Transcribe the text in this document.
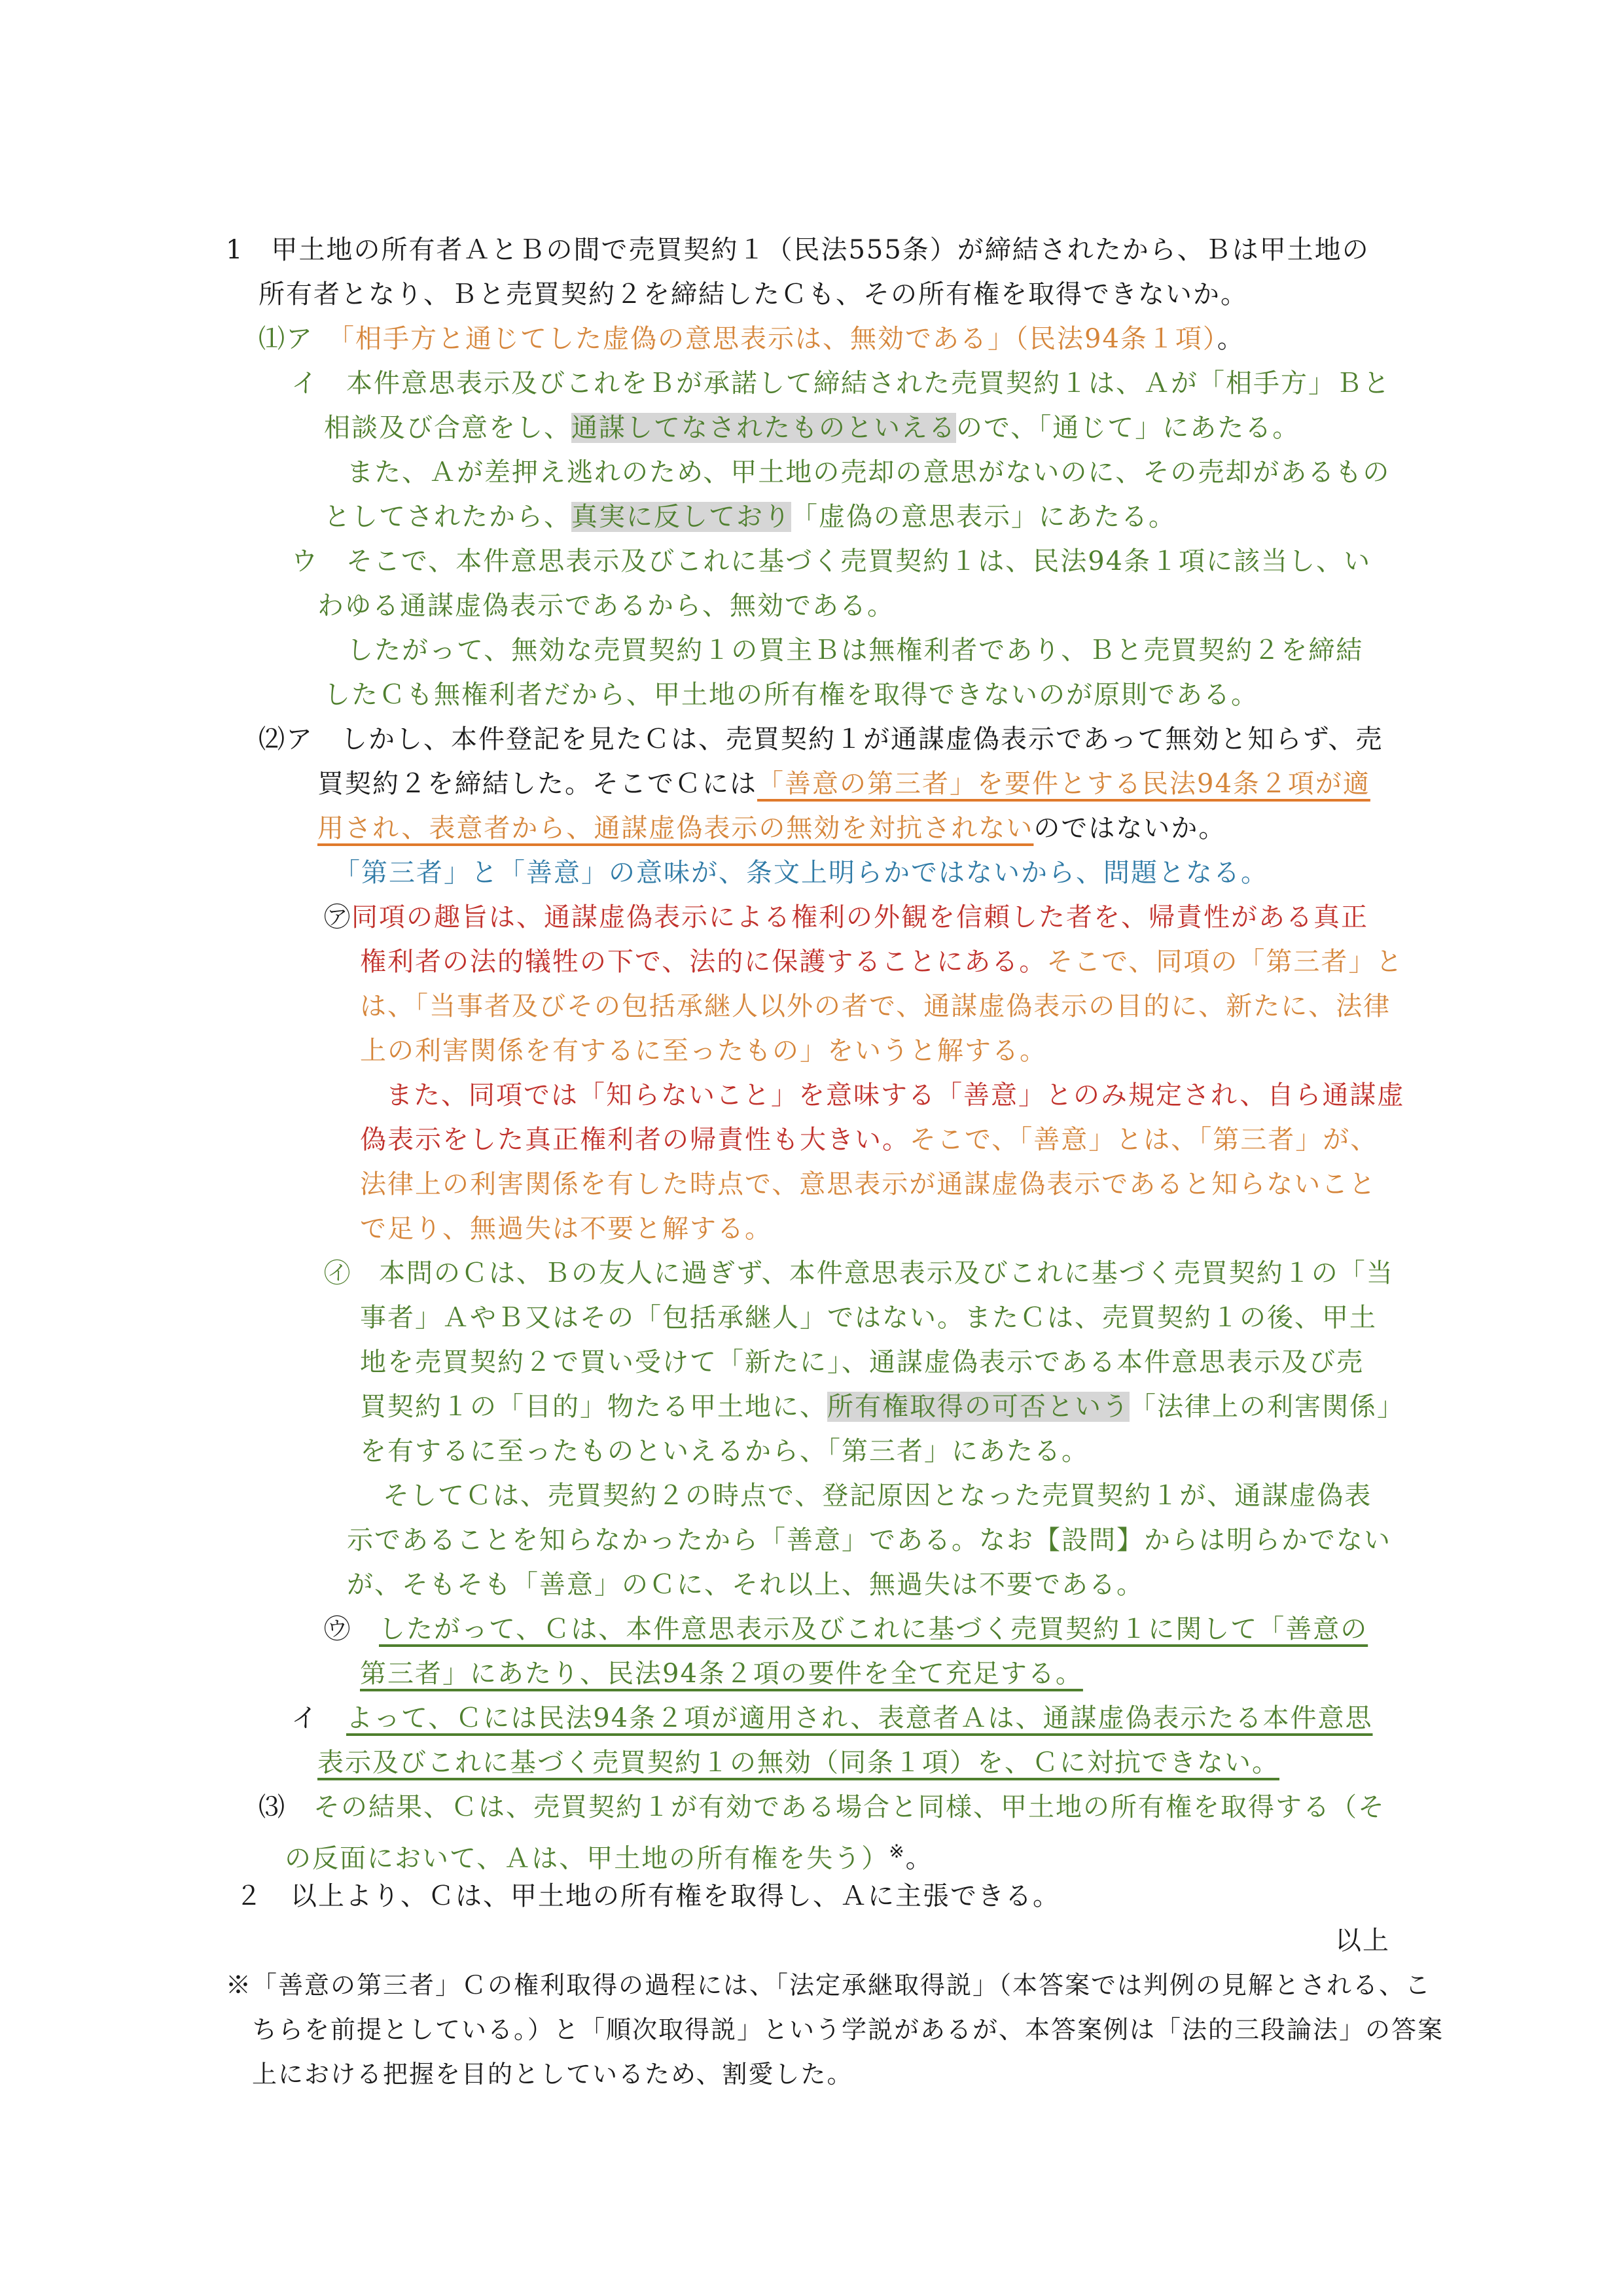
1　甲土地の所有者ＡとＢの間で売買契約１（民法555条）が締結されたから、Ｂは甲土地の
所有者となり、Ｂと売買契約２を締結したＣも、その所有権を取得できないか。
⑴ア　「相手方と通じてした虚偽の意思表示は、無効である」（民法94条１項）。
イ　本件意思表示及びこれをＢが承諾して締結された売買契約１は、Ａが「相手方」Ｂと
相談及び合意をし、通謀してなされたものといえるので、「通じて」にあたる。
また、Ａが差押え逃れのため、甲土地の売却の意思がないのに、その売却があるもの
としてされたから、真実に反しており「虚偽の意思表示」にあたる。
ウ　そこで、本件意思表示及びこれに基づく売買契約１は、民法94条１項に該当し、い
わゆる通謀虚偽表示であるから、無効である。
したがって、無効な売買契約１の買主Ｂは無権利者であり、Ｂと売買契約２を締結
したＣも無権利者だから、甲土地の所有権を取得できないのが原則である。
⑵ア　しかし、本件登記を見たＣは、売買契約１が通謀虚偽表示であって無効と知らず、売
買契約２を締結した。そこでＣには「善意の第三者」を要件とする民法94条２項が適
用され、表意者から、通謀虚偽表示の無効を対抗されないのではないか。
「第三者」と「善意」の意味が、条文上明らかではないから、問題となる。
㋐同項の趣旨は、通謀虚偽表示による権利の外観を信頼した者を、帰責性がある真正
権利者の法的犠牲の下で、法的に保護することにある。そこで、同項の「第三者」と
は、「当事者及びその包括承継人以外の者で、通謀虚偽表示の目的に、新たに、法律
上の利害関係を有するに至ったもの」をいうと解する。
また、同項では「知らないこと」を意味する「善意」とのみ規定され、自ら通謀虚
偽表示をした真正権利者の帰責性も大きい。そこで、「善意」とは、「第三者」が、
法律上の利害関係を有した時点で、意思表示が通謀虚偽表示であると知らないこと
で足り、無過失は不要と解する。
㋑　本問のＣは、Ｂの友人に過ぎず、本件意思表示及びこれに基づく売買契約１の「当
事者」ＡやＢ又はその「包括承継人」ではない。またＣは、売買契約１の後、甲土
地を売買契約２で買い受けて「新たに」、通謀虚偽表示である本件意思表示及び売
買契約１の「目的」物たる甲土地に、所有権取得の可否という「法律上の利害関係」
を有するに至ったものといえるから、「第三者」にあたる。
そしてＣは、売買契約２の時点で、登記原因となった売買契約１が、通謀虚偽表
示であることを知らなかったから「善意」である。なお【設問】からは明らかでない
が、そもそも「善意」のＣに、それ以上、無過失は不要である。
㋒　 したがって、Ｃは、本件意思表示及びこれに基づく売買契約１に関して「善意の
第三者」にあたり、民法94条２項の要件を全て充足する。
イ　 よって、Ｃには民法94条２項が適用され、表意者Ａは、通謀虚偽表示たる本件意思
表示及びこれに基づく売買契約１の無効（同条１項）を、Ｃに対抗できない。
⑶　 その結果、Ｃは、売買契約１が有効である場合と同様、甲土地の所有権を取得する（そ
の反面において、Ａは、甲土地の所有権を失う）※。
２　以上より、Ｃは、甲土地の所有権を取得し、Ａに主張できる。
以上
※「善意の第三者」Ｃの権利取得の過程には、「法定承継取得説」（本答案では判例の見解とされる、こ
ちらを前提としている。）と「順次取得説」という学説があるが、本答案例は「法的三段論法」の答案
上における把握を目的としているため、割愛した。
